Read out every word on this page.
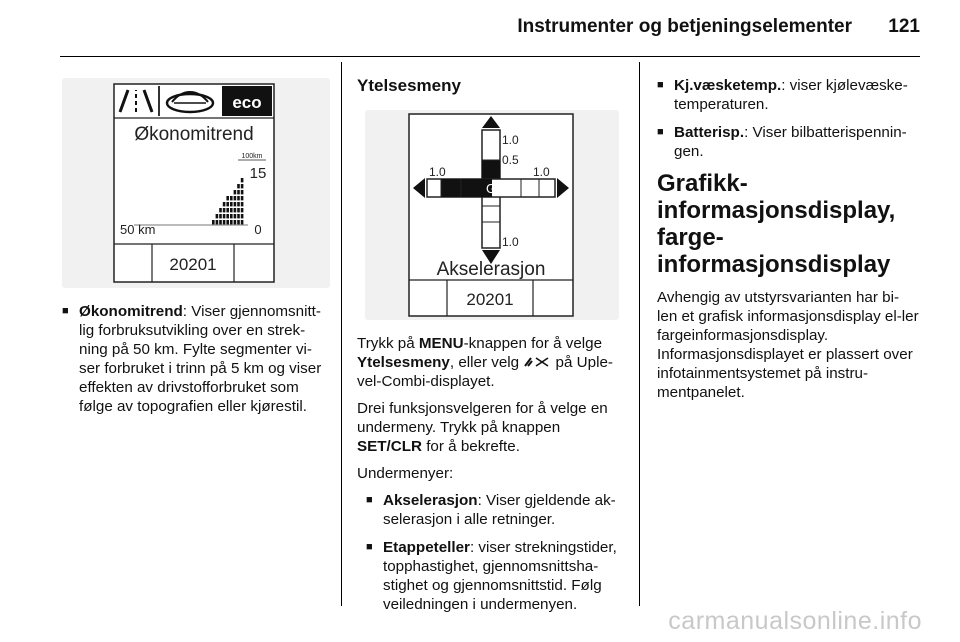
Instrumenter og betjeningselementer 121
eco
Økonomitrend
100km
15
0
50 km
20201
■ Økonomitrend: Viser gjennomsnitt-lig forbruksutvikling over en strek-ning på 50 km. Fylte segmenter vi-ser forbruket i trinn på 5 km og viser effekten av drivstofforbruket som følge av topografien eller kjørestil.
Ytelsesmeny
G
1.0
0.5
1.0	1.0
1.0
Akselerasjon
20201

Trykk på MENU-knappen for å velge Ytelsesmeny, eller velg  på Uple-vel-Combi-displayet.

Drei funksjonsvelgeren for å velge en undermeny. Trykk på knappen SET/CLR for å bekrefte.

Undermenyer:

■ Akselerasjon: Viser gjeldende ak-selerasjon i alle retninger.
■ Etappeteller: viser strekningstider, topphastighet, gjennomsnittsha-stighet og gjennomsnittstid. Følg veiledningen i undermenyen.
■ Kj.væsketemp.: viser kjølevæske-temperaturen.
■ Batterisp.: Viser bilbatterispennin-gen.
Grafikk-informasjonsdisplay, farge-informasjonsdisplay

Avhengig av utstyrsvarianten har bi-len et grafisk informasjonsdisplay el-ler fargeinformasjonsdisplay. Informasjonsdisplayet er plassert over infotainmentsystemet på instru-mentpanelet.

carmanualsonline.info
